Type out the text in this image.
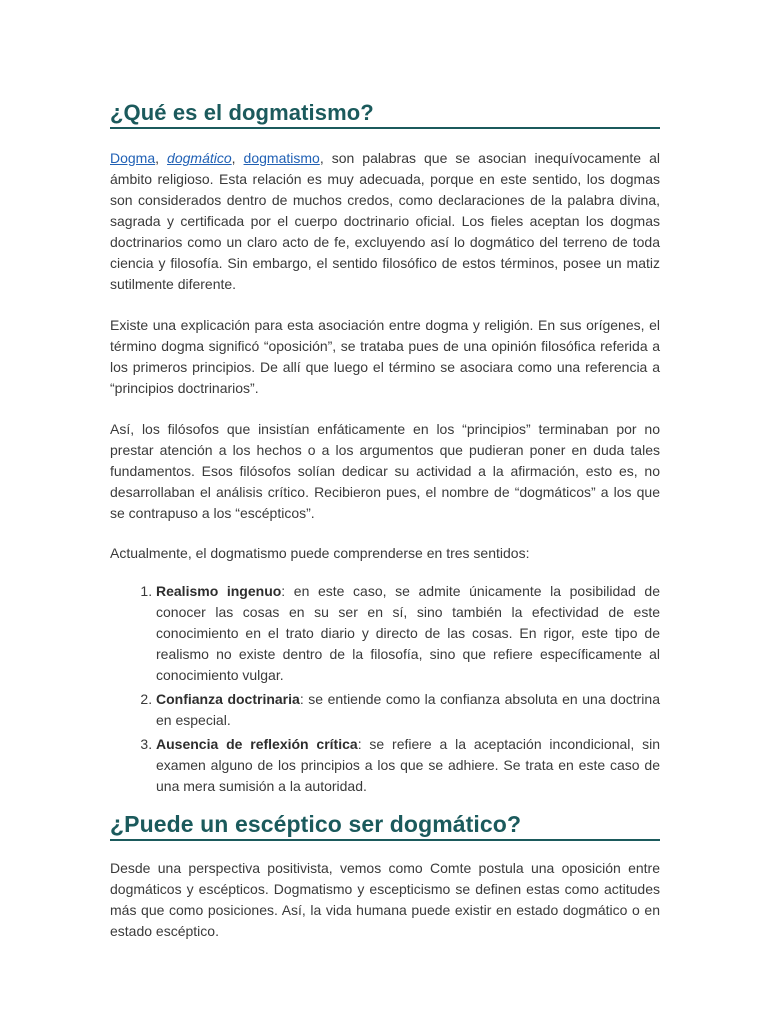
¿Qué es el dogmatismo?

Dogma, dogmático, dogmatismo, son palabras que se asocian inequívocamente al ámbito religioso. Esta relación es muy adecuada, porque en este sentido, los dogmas son considerados dentro de muchos credos, como declaraciones de la palabra divina, sagrada y certificada por el cuerpo doctrinario oficial. Los fieles aceptan los dogmas doctrinarios como un claro acto de fe, excluyendo así lo dogmático del terreno de toda ciencia y filosofía. Sin embargo, el sentido filosófico de estos términos, posee un matiz sutilmente diferente.

Existe una explicación para esta asociación entre dogma y religión. En sus orígenes, el término dogma significó “oposición”, se trataba pues de una opinión filosófica referida a los primeros principios. De allí que luego el término se asociara como una referencia a “principios doctrinarios”.

Así, los filósofos que insistían enfáticamente en los “principios” terminaban por no prestar atención a los hechos o a los argumentos que pudieran poner en duda tales fundamentos. Esos filósofos solían dedicar su actividad a la afirmación, esto es, no desarrollaban el análisis crítico. Recibieron pues, el nombre de “dogmáticos” a los que se contrapuso a los “escépticos”.

Actualmente, el dogmatismo puede comprenderse en tres sentidos:

1. Realismo ingenuo: en este caso, se admite únicamente la posibilidad de conocer las cosas en su ser en sí, sino también la efectividad de este conocimiento en el trato diario y directo de las cosas. En rigor, este tipo de realismo no existe dentro de la filosofía, sino que refiere específicamente al conocimiento vulgar.
2. Confianza doctrinaria: se entiende como la confianza absoluta en una doctrina en especial.
3. Ausencia de reflexión crítica: se refiere a la aceptación incondicional, sin examen alguno de los principios a los que se adhiere. Se trata en este caso de una mera sumisión a la autoridad.
¿Puede un escéptico ser dogmático?

Desde una perspectiva positivista, vemos como Comte postula una oposición entre dogmáticos y escépticos. Dogmatismo y escepticismo se definen estas como actitudes más que como posiciones. Así, la vida humana puede existir en estado dogmático o en estado escéptico.
